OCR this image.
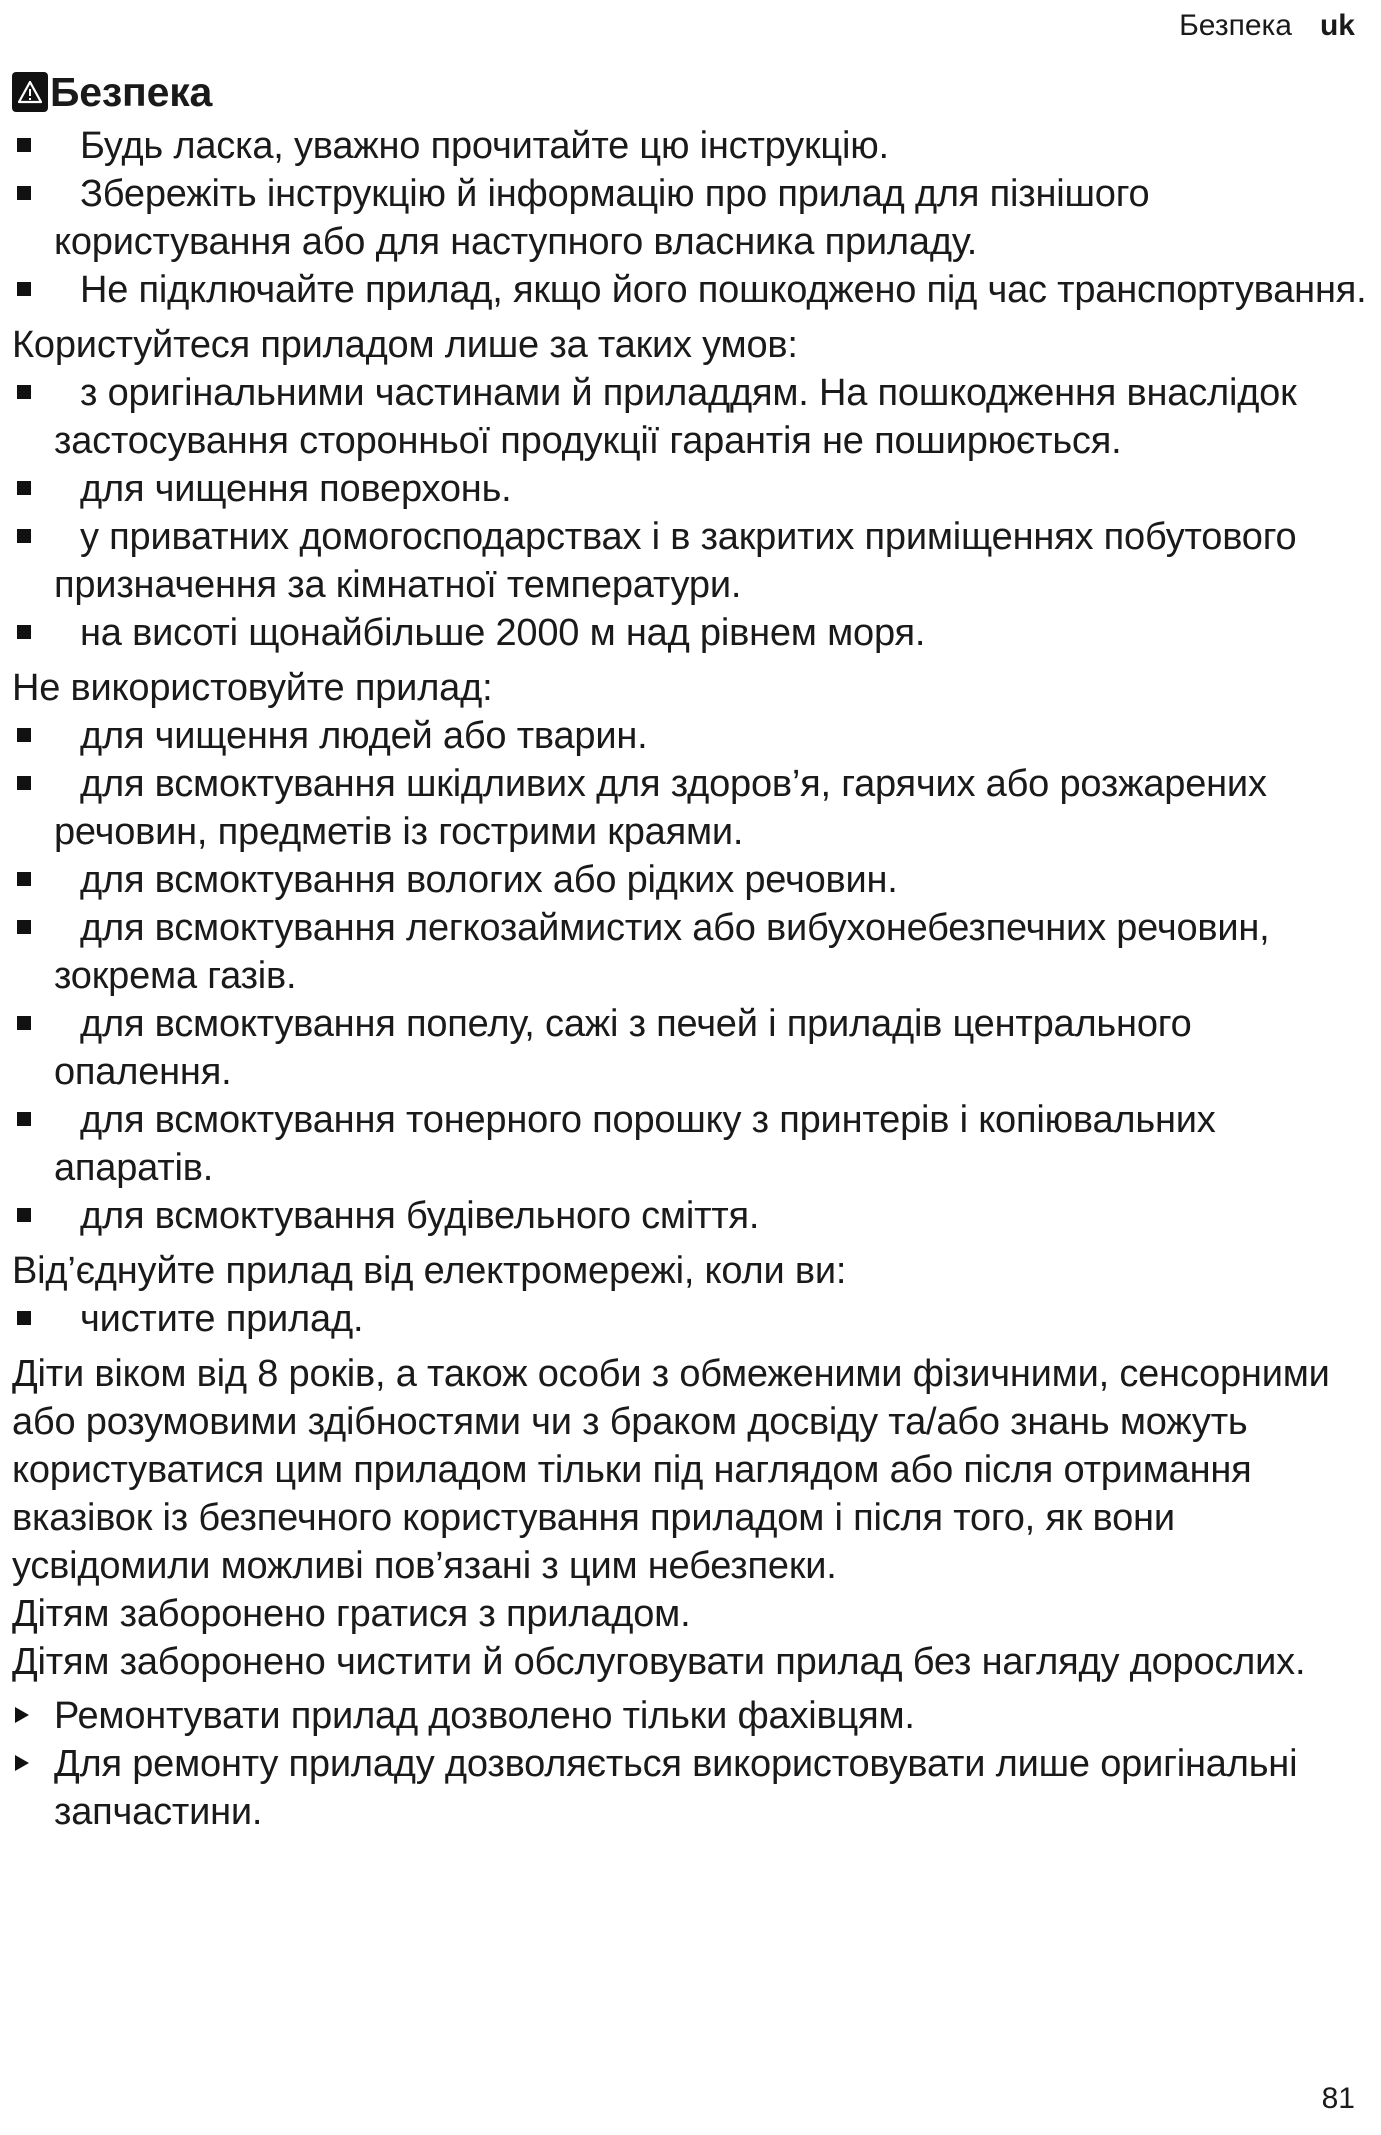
Безпека uk
Безпека
Будь ласка, уважно прочитайте цю інструкцію.
Збережіть інструкцію й інформацію про прилад для пізнішого користування або для наступного власника приладу.
Не підключайте прилад, якщо його пошкоджено під час транспортування.

Користуйтеся приладом лише за таких умов:

з оригінальними частинами й приладдям. На пошкодження внаслідок застосування сторонньої продукції гарантія не поширюється.
для чищення поверхонь.
у приватних домогосподарствах і в закритих приміщеннях побутового призначення за кімнатної температури.
на висоті щонайбільше 2000 м над рівнем моря.

Не використовуйте прилад:

для чищення людей або тварин.
для всмоктування шкідливих для здоров’я, гарячих або розжарених речовин, предметів із гострими краями.
для всмоктування вологих або рідких речовин.
для всмоктування легкозаймистих або вибухонебезпечних речовин, зокрема газів.
для всмоктування попелу, сажі з печей і приладів центрального опалення.
для всмоктування тонерного порошку з принтерів і копіювальних апаратів.
для всмоктування будівельного сміття.

Від’єднуйте прилад від електромережі, коли ви:

чистите прилад.

Діти віком від 8 років, а також особи з обмеженими фізичними, сенсорними або розумовими здібностями чи з браком досвіду та/або знань можуть користуватися цим приладом тільки під наглядом або після отримання вказівок із безпечного користування приладом і після того, як вони усвідомили можливі пов’язані з цим небезпеки.

Дітям заборонено гратися з приладом.

Дітям заборонено чистити й обслуговувати прилад без нагляду дорослих.

Ремонтувати прилад дозволено тільки фахівцям.
Для ремонту приладу дозволяється використовувати лише оригінальні запчастини.
81
